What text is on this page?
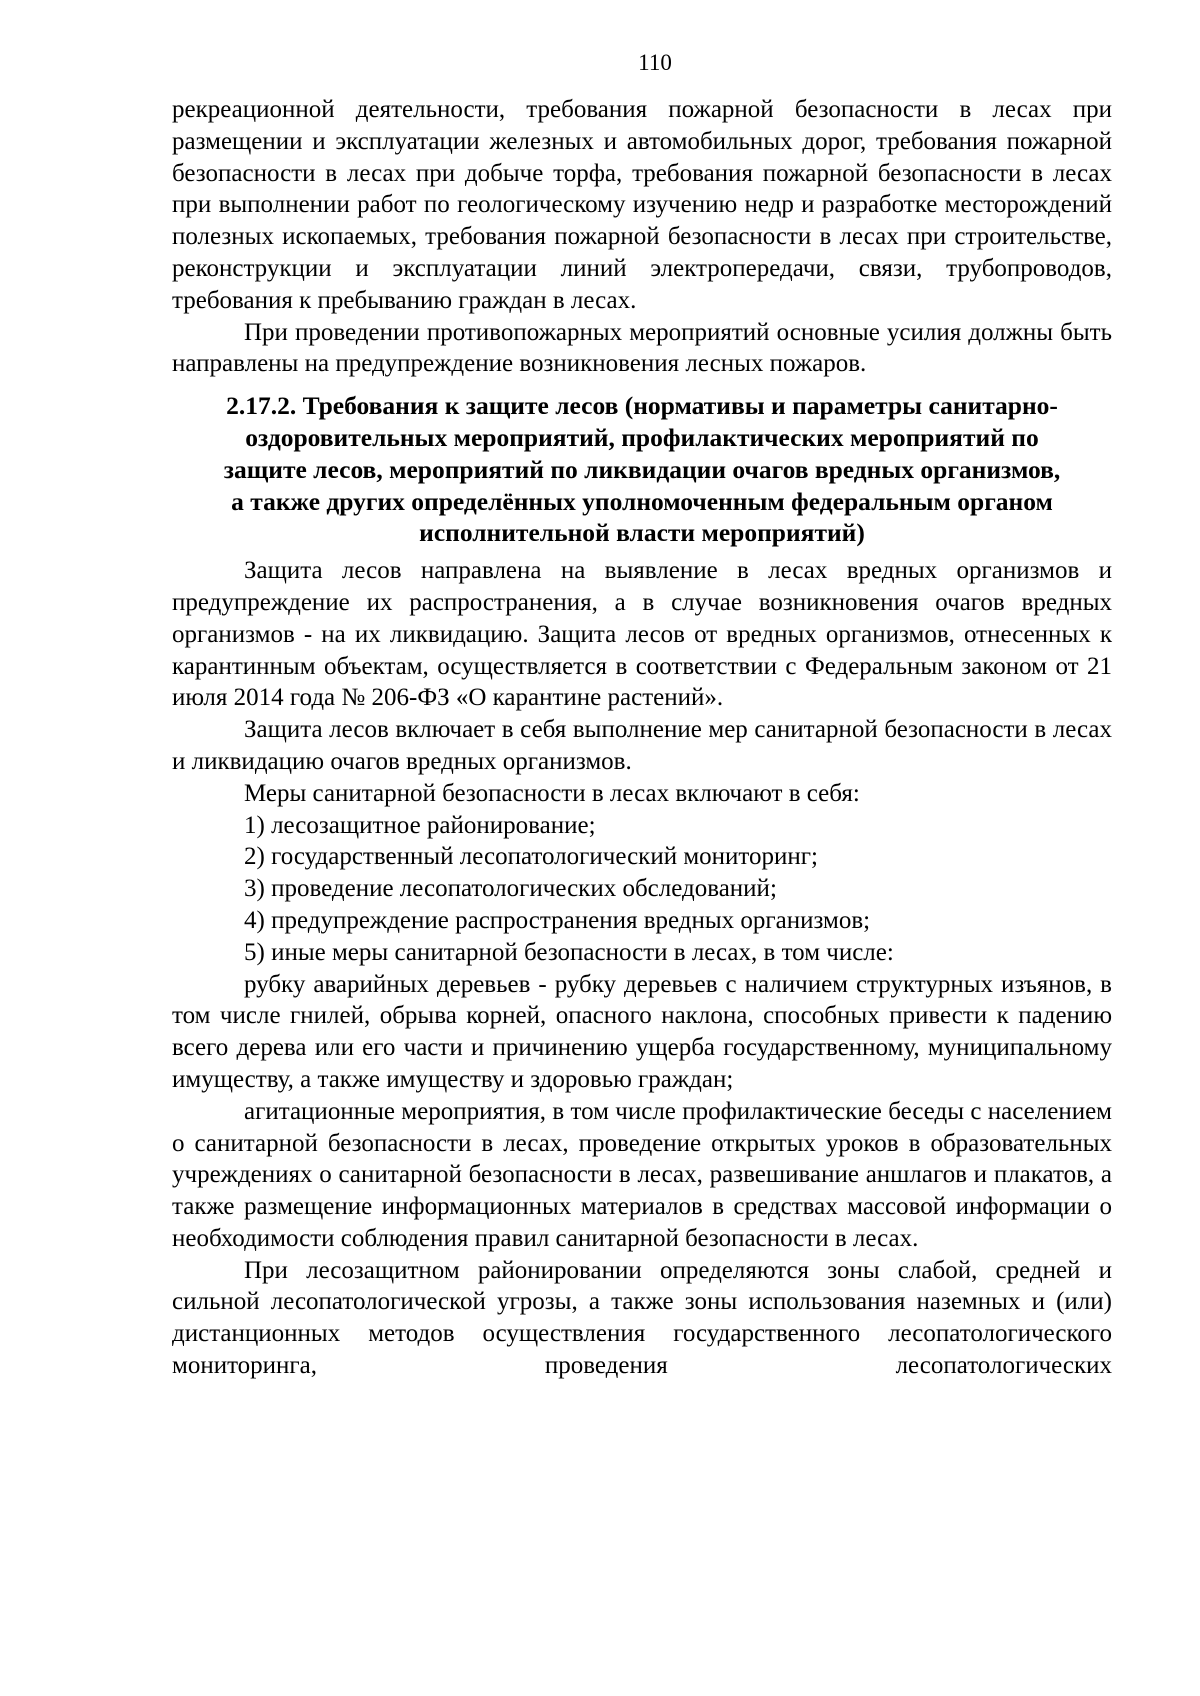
110

рекреационной деятельности, требования пожарной безопасности в лесах при размещении и эксплуатации железных и автомобильных дорог, требования пожарной безопасности в лесах при добыче торфа, требования пожарной безопасности в лесах при выполнении работ по геологическому изучению недр и разработке месторождений полезных ископаемых, требования пожарной безопасности в лесах при строительстве, реконструкции и эксплуатации линий электропередачи, связи, трубопроводов, требования к пребыванию граждан в лесах.

При проведении противопожарных мероприятий основные усилия должны быть направлены на предупреждение возникновения лесных пожаров.

2.17.2. Требования к защите лесов (нормативы и параметры санитарно-
оздоровительных мероприятий, профилактических мероприятий по
защите лесов, мероприятий по ликвидации очагов вредных организмов,
а также других определённых уполномоченным федеральным органом
исполнительной власти мероприятий)

Защита лесов направлена на выявление в лесах вредных организмов и предупреждение их распространения, а в случае возникновения очагов вредных организмов - на их ликвидацию. Защита лесов от вредных организмов, отнесенных к карантинным объектам, осуществляется в соответствии с Федеральным законом от 21 июля 2014 года № 206-ФЗ «О карантине растений».

Защита лесов включает в себя выполнение мер санитарной безопасности в лесах и ликвидацию очагов вредных организмов.

Меры санитарной безопасности в лесах включают в себя:
1) лесозащитное районирование;
2) государственный лесопатологический мониторинг;
3) проведение лесопатологических обследований;
4) предупреждение распространения вредных организмов;
5) иные меры санитарной безопасности в лесах, в том числе:

рубку аварийных деревьев - рубку деревьев с наличием структурных изъянов, в том числе гнилей, обрыва корней, опасного наклона, способных привести к падению всего дерева или его части и причинению ущерба государственному, муниципальному имуществу, а также имуществу и здоровью граждан;

агитационные мероприятия, в том числе профилактические беседы с населением о санитарной безопасности в лесах, проведение открытых уроков в образовательных учреждениях о санитарной безопасности в лесах, развешивание аншлагов и плакатов, а также размещение информационных материалов в средствах массовой информации о необходимости соблюдения правил санитарной безопасности в лесах.

При лесозащитном районировании определяются зоны слабой, средней и сильной лесопатологической угрозы, а также зоны использования наземных и (или) дистанционных методов осуществления государственного лесопатологического мониторинга, проведения лесопатологических
